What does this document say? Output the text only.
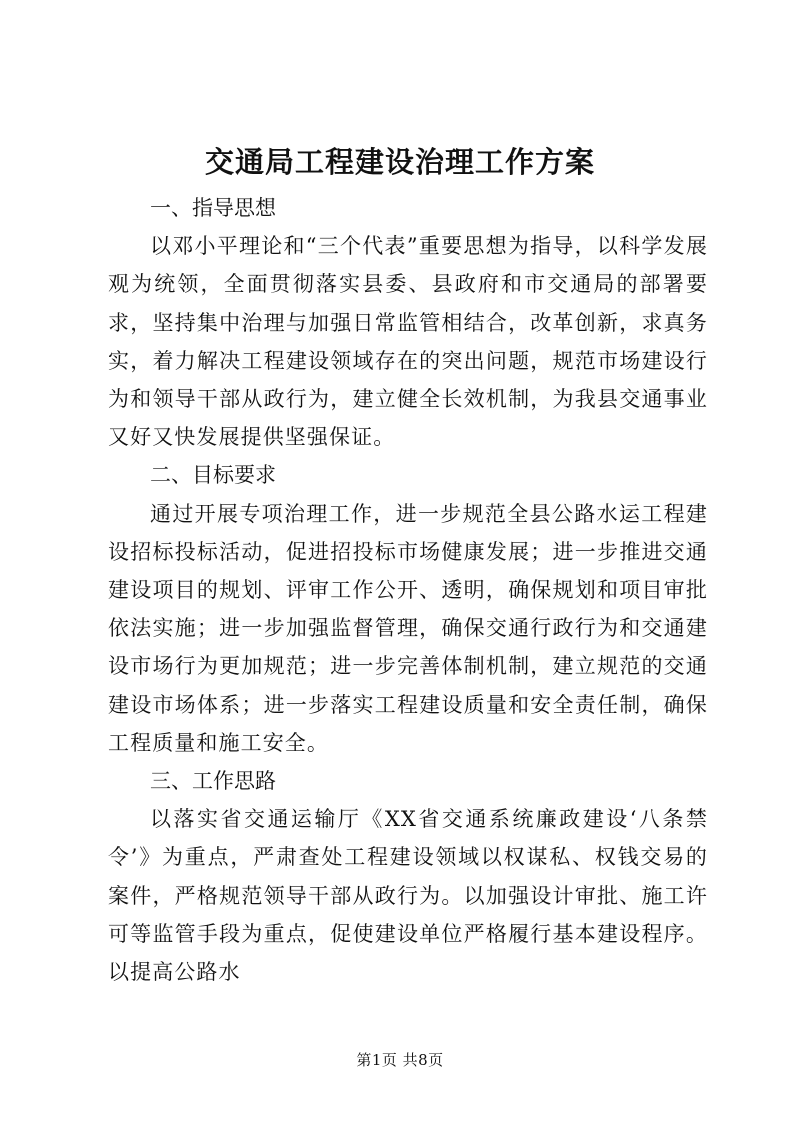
交通局工程建设治理工作方案
一、指导思想

以邓小平理论和“三个代表”重要思想为指导，以科学发展观为统领，全面贯彻落实县委、县政府和市交通局的部署要求，坚持集中治理与加强日常监管相结合，改革创新，求真务实，着力解决工程建设领域存在的突出问题，规范市场建设行为和领导干部从政行为，建立健全长效机制，为我县交通事业又好又快发展提供坚强保证。

二、目标要求

通过开展专项治理工作，进一步规范全县公路水运工程建设招标投标活动，促进招投标市场健康发展；进一步推进交通建设项目的规划、评审工作公开、透明，确保规划和项目审批依法实施；进一步加强监督管理，确保交通行政行为和交通建设市场行为更加规范；进一步完善体制机制，建立规范的交通建设市场体系；进一步落实工程建设质量和安全责任制，确保工程质量和施工安全。

三、工作思路

以落实省交通运输厅《XX省交通系统廉政建设‘八条禁令’》为重点，严肃查处工程建设领域以权谋私、权钱交易的案件，严格规范领导干部从政行为。以加强设计审批、施工许可等监管手段为重点，促使建设单位严格履行基本建设程序。以提高公路水

第1页 共8页
